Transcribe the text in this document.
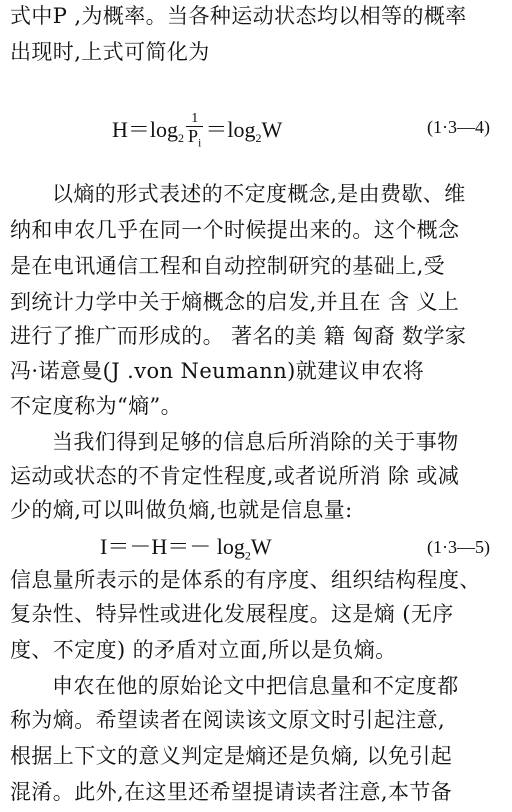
式中P ,为概率。当各种运动状态均以相等的概率
出现时,上式可简化为
$H=\log_2 \frac{1}{P_i} =\log_2W$	(1·3—4)
以熵的形式表述的不定度概念,是由费歇、维
纳和申农几乎在同一个时候提出来的。这个概念
是在电讯通信工程和自动控制研究的基础上,受
到统计力学中关于熵概念的启发,并且在 含 义上
进行了推广而形成的。 著名的美 籍 匈裔 数学家
冯·诺意曼(J .von Neumann)就建议申农将
不定度称为“熵”。
当我们得到足够的信息后所消除的关于事物
运动或状态的不肯定性程度,或者说所消 除 或减
少的熵,可以叫做负熵,也就是信息量:
$I=-H=- \log_2W$	(1·3—5)
信息量所表示的是体系的有序度、组织结构程度、
复杂性、特异性或进化发展程度。这是熵 (无序
度、不定度) 的矛盾对立面,所以是负熵。
申农在他的原始论文中把信息量和不定度都
称为熵。希望读者在阅读该文原文时引起注意,
根据上下文的意义判定是熵还是负熵, 以免引起
混淆。此外,在这里还希望提请读者注意,本节备
